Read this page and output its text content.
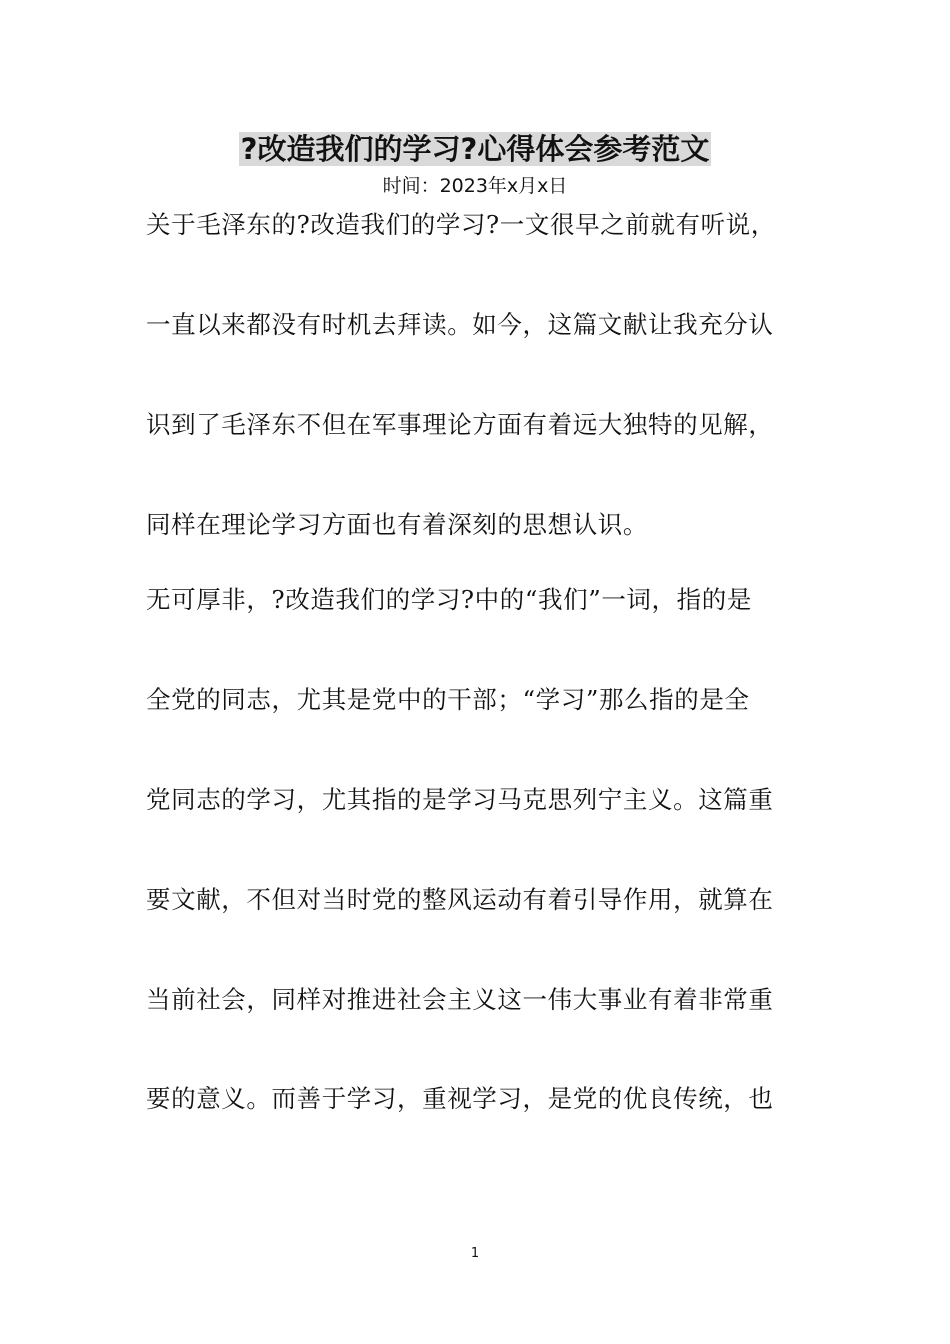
?改造我们的学习?心得体会参考范文
时间：2023年x月x日
关于毛泽东的?改造我们的学习?一文很早之前就有听说，
一直以来都没有时机去拜读。如今，这篇文献让我充分认
识到了毛泽东不但在军事理论方面有着远大独特的见解，
同样在理论学习方面也有着深刻的思想认识。
无可厚非，?改造我们的学习?中的“我们”一词，指的是
全党的同志，尤其是党中的干部；“学习”那么指的是全
党同志的学习，尤其指的是学习马克思列宁主义。这篇重
要文献，不但对当时党的整风运动有着引导作用，就算在
当前社会，同样对推进社会主义这一伟大事业有着非常重
要的意义。而善于学习，重视学习，是党的优良传统，也
1
